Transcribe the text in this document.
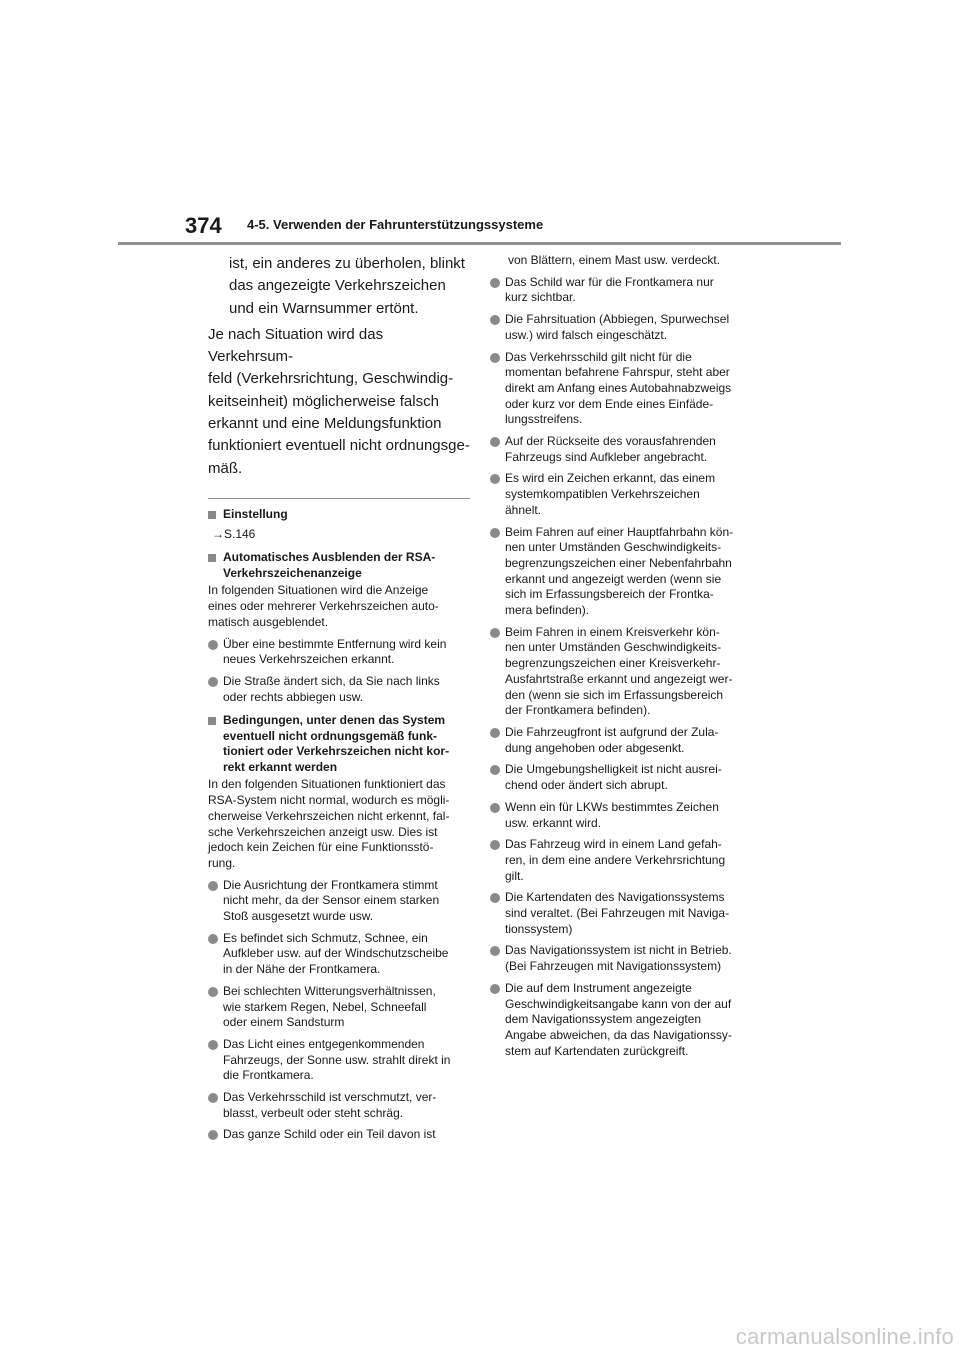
374 4-5. Verwenden der Fahrunterstützungssysteme

ist, ein anderes zu überholen, blinkt
das angezeigte Verkehrszeichen
und ein Warnsummer ertönt.

Je nach Situation wird das Verkehrsum-
feld (Verkehrsrichtung, Geschwindig-
keitseinheit) möglicherweise falsch
erkannt und eine Meldungsfunktion
funktioniert eventuell nicht ordnungsge-
mäß.

Einstellung
→S.146
Automatisches Ausblenden der RSA-
Verkehrszeichenanzeige

In folgenden Situationen wird die Anzeige
eines oder mehrerer Verkehrszeichen auto-
matisch ausgeblendet.

Über eine bestimmte Entfernung wird kein
neues Verkehrszeichen erkannt.
Die Straße ändert sich, da Sie nach links
oder rechts abbiegen usw.
Bedingungen, unter denen das System
eventuell nicht ordnungsgemäß funk-
tioniert oder Verkehrszeichen nicht kor-
rekt erkannt werden

In den folgenden Situationen funktioniert das
RSA-System nicht normal, wodurch es mögli-
cherweise Verkehrszeichen nicht erkennt, fal-
sche Verkehrszeichen anzeigt usw. Dies ist
jedoch kein Zeichen für eine Funktionsstö-
rung.

Die Ausrichtung der Frontkamera stimmt
nicht mehr, da der Sensor einem starken
Stoß ausgesetzt wurde usw.
Es befindet sich Schmutz, Schnee, ein
Aufkleber usw. auf der Windschutzscheibe
in der Nähe der Frontkamera.
Bei schlechten Witterungsverhältnissen,
wie starkem Regen, Nebel, Schneefall
oder einem Sandsturm
Das Licht eines entgegenkommenden
Fahrzeugs, der Sonne usw. strahlt direkt in
die Frontkamera.
Das Verkehrsschild ist verschmutzt, ver-
blasst, verbeult oder steht schräg.
Das ganze Schild oder ein Teil davon ist

von Blättern, einem Mast usw. verdeckt.

Das Schild war für die Frontkamera nur
kurz sichtbar.
Die Fahrsituation (Abbiegen, Spurwechsel
usw.) wird falsch eingeschätzt.
Das Verkehrsschild gilt nicht für die
momentan befahrene Fahrspur, steht aber
direkt am Anfang eines Autobahnabzweigs
oder kurz vor dem Ende eines Einfäde-
lungsstreifens.
Auf der Rückseite des vorausfahrenden
Fahrzeugs sind Aufkleber angebracht.
Es wird ein Zeichen erkannt, das einem
systemkompatiblen Verkehrszeichen
ähnelt.
Beim Fahren auf einer Hauptfahrbahn kön-
nen unter Umständen Geschwindigkeits-
begrenzungszeichen einer Nebenfahrbahn
erkannt und angezeigt werden (wenn sie
sich im Erfassungsbereich der Frontka-
mera befinden).
Beim Fahren in einem Kreisverkehr kön-
nen unter Umständen Geschwindigkeits-
begrenzungszeichen einer Kreisverkehr-
Ausfahrtstraße erkannt und angezeigt wer-
den (wenn sie sich im Erfassungsbereich
der Frontkamera befinden).
Die Fahrzeugfront ist aufgrund der Zula-
dung angehoben oder abgesenkt.
Die Umgebungshelligkeit ist nicht ausrei-
chend oder ändert sich abrupt.
Wenn ein für LKWs bestimmtes Zeichen
usw. erkannt wird.
Das Fahrzeug wird in einem Land gefah-
ren, in dem eine andere Verkehrsrichtung
gilt.
Die Kartendaten des Navigationssystems
sind veraltet. (Bei Fahrzeugen mit Naviga-
tionssystem)
Das Navigationssystem ist nicht in Betrieb.
(Bei Fahrzeugen mit Navigationssystem)
Die auf dem Instrument angezeigte
Geschwindigkeitsangabe kann von der auf
dem Navigationssystem angezeigten
Angabe abweichen, da das Navigationssy-
stem auf Kartendaten zurückgreift.
carmanualsonline.info
